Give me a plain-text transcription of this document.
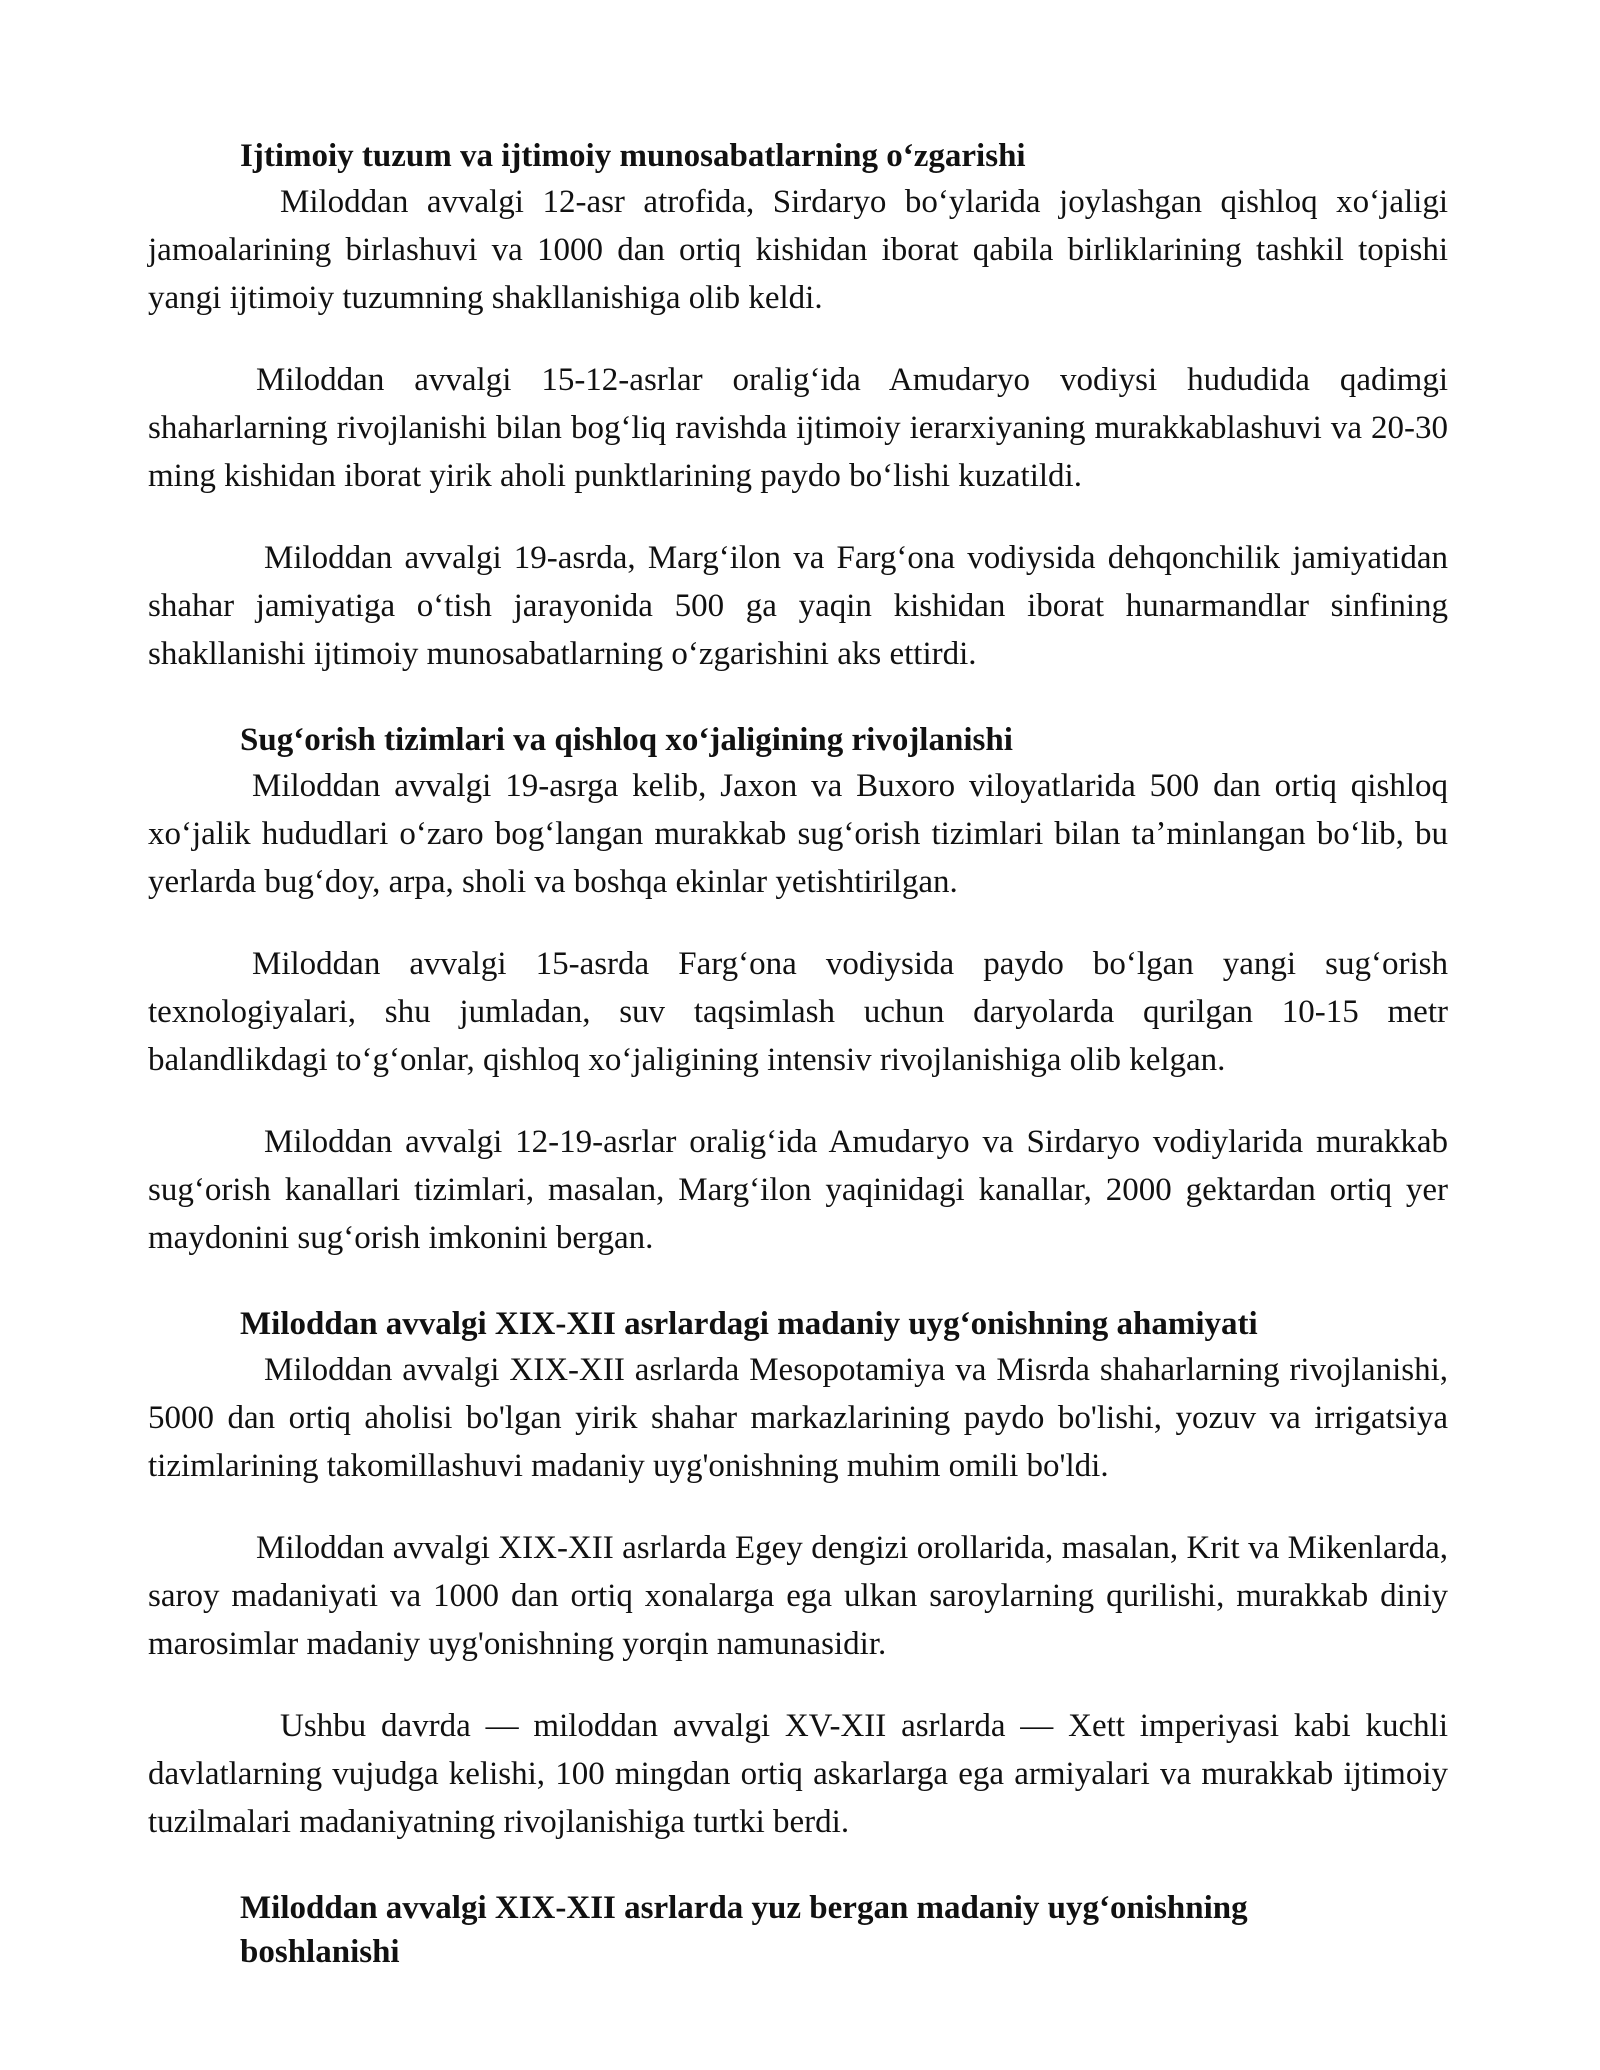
Ijtimoiy tuzum va ijtimoiy munosabatlarning oʻzgarishi

Miloddan avvalgi 12-asr atrofida, Sirdaryo boʻylarida joylashgan qishloq xoʻjaligi jamoalarining birlashuvi va 1000 dan ortiq kishidan iborat qabila birliklarining tashkil topishi yangi ijtimoiy tuzumning shakllanishiga olib keldi.

Miloddan avvalgi 15-12-asrlar oraligʻida Amudaryo vodiysi hududida qadimgi shaharlarning rivojlanishi bilan bogʻliq ravishda ijtimoiy ierarxiyaning murakkablashuvi va 20-30 ming kishidan iborat yirik aholi punktlarining paydo boʻlishi kuzatildi.

Miloddan avvalgi 19-asrda, Margʻilon va Fargʻona vodiysida dehqonchilik jamiyatidan shahar jamiyatiga oʻtish jarayonida 500 ga yaqin kishidan iborat hunarmandlar sinfining shakllanishi ijtimoiy munosabatlarning oʻzgarishini aks ettirdi.

Sugʻorish tizimlari va qishloq xoʻjaligining rivojlanishi

Miloddan avvalgi 19-asrga kelib, Jaxon va Buxoro viloyatlarida 500 dan ortiq qishloq xoʻjalik hududlari oʻzaro bogʻlangan murakkab sugʻorish tizimlari bilan taʼminlangan boʻlib, bu yerlarda bugʻdoy, arpa, sholi va boshqa ekinlar yetishtirilgan.

Miloddan avvalgi 15-asrda Fargʻona vodiysida paydo boʻlgan yangi sugʻorish texnologiyalari, shu jumladan, suv taqsimlash uchun daryolarda qurilgan 10-15 metr balandlikdagi toʻgʻonlar, qishloq xoʻjaligining intensiv rivojlanishiga olib kelgan.

Miloddan avvalgi 12-19-asrlar oraligʻida Amudaryo va Sirdaryo vodiylarida murakkab sugʻorish kanallari tizimlari, masalan, Margʻilon yaqinidagi kanallar, 2000 gektardan ortiq yer maydonini sugʻorish imkonini bergan.

Miloddan avvalgi XIX-XII asrlardagi madaniy uygʻonishning ahamiyati

Miloddan avvalgi XIX-XII asrlarda Mesopotamiya va Misrda shaharlarning rivojlanishi, 5000 dan ortiq aholisi bo'lgan yirik shahar markazlarining paydo bo'lishi, yozuv va irrigatsiya tizimlarining takomillashuvi madaniy uyg'onishning muhim omili bo'ldi.

Miloddan avvalgi XIX-XII asrlarda Egey dengizi orollarida, masalan, Krit va Mikenlarda, saroy madaniyati va 1000 dan ortiq xonalarga ega ulkan saroylarning qurilishi, murakkab diniy marosimlar madaniy uyg'onishning yorqin namunasidir.

Ushbu davrda — miloddan avvalgi XV-XII asrlarda — Xett imperiyasi kabi kuchli davlatlarning vujudga kelishi, 100 mingdan ortiq askarlarga ega armiyalari va murakkab ijtimoiy tuzilmalari madaniyatning rivojlanishiga turtki berdi.

Miloddan avvalgi XIX-XII asrlarda yuz bergan madaniy uygʻonishning boshlanishi
